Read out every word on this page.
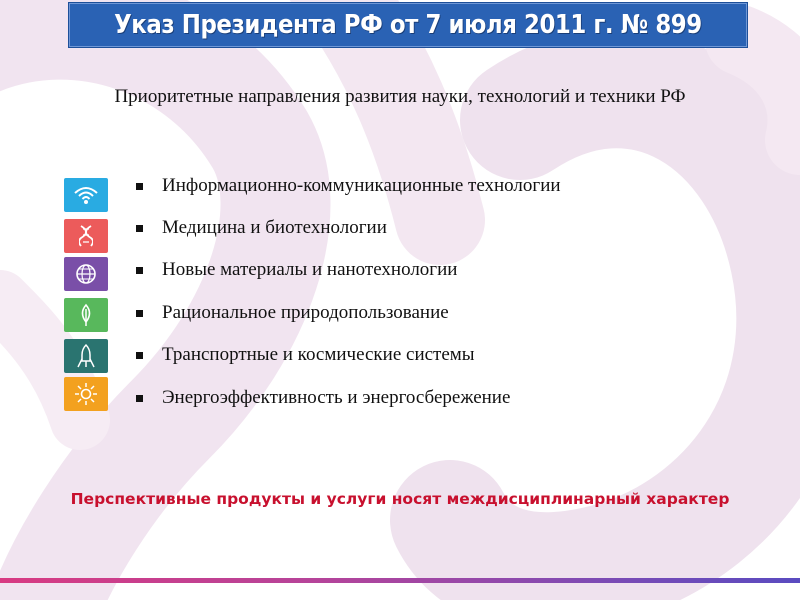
Указ Президента РФ от 7 июля 2011 г. № 899
Приоритетные направления развития науки, технологий и техники РФ
Информационно-коммуникационные технологии
Медицина и биотехнологии
Новые материалы и нанотехнологии
Рациональное природопользование
Транспортные и космические системы
Энергоэффективность и энергосбережение
Перспективные продукты и услуги носят междисциплинарный характер
